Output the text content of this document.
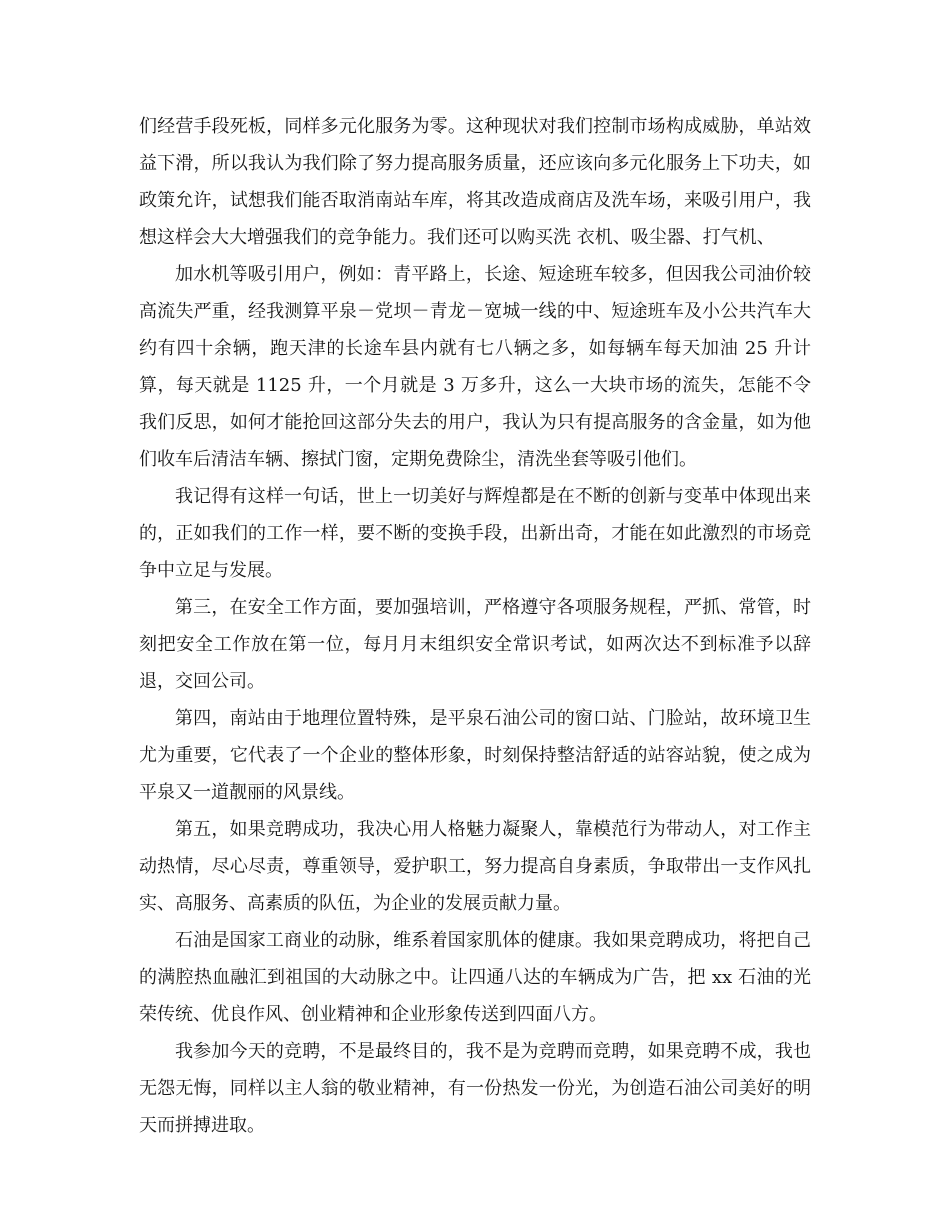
们经营手段死板，同样多元化服务为零。这种现状对我们控制市场构成威胁，单站效益下滑，所以我认为我们除了努力提高服务质量，还应该向多元化服务上下功夫，如政策允许，试想我们能否取消南站车库，将其改造成商店及洗车场，来吸引用户，我想这样会大大增强我们的竞争能力。我们还可以购买洗 衣机、吸尘器、打气机、

加水机等吸引用户，例如：青平路上，长途、短途班车较多，但因我公司油价较高流失严重，经我测算平泉－党坝－青龙－宽城一线的中、短途班车及小公共汽车大约有四十余辆，跑天津的长途车县内就有七八辆之多，如每辆车每天加油 25 升计算，每天就是 1125 升，一个月就是 3 万多升，这么一大块市场的流失，怎能不令我们反思，如何才能抢回这部分失去的用户，我认为只有提高服务的含金量，如为他们收车后清洁车辆、擦拭门窗，定期免费除尘，清洗坐套等吸引他们。

我记得有这样一句话，世上一切美好与辉煌都是在不断的创新与变革中体现出来的，正如我们的工作一样，要不断的变换手段，出新出奇，才能在如此激烈的市场竞争中立足与发展。

第三，在安全工作方面，要加强培训，严格遵守各项服务规程，严抓、常管，时刻把安全工作放在第一位，每月月末组织安全常识考试，如两次达不到标准予以辞退，交回公司。

第四，南站由于地理位置特殊，是平泉石油公司的窗口站、门脸站，故环境卫生尤为重要，它代表了一个企业的整体形象，时刻保持整洁舒适的站容站貌，使之成为平泉又一道靓丽的风景线。

第五，如果竞聘成功，我决心用人格魅力凝聚人，靠模范行为带动人，对工作主动热情，尽心尽责，尊重领导，爱护职工，努力提高自身素质，争取带出一支作风扎实、高服务、高素质的队伍，为企业的发展贡献力量。

石油是国家工商业的动脉，维系着国家肌体的健康。我如果竞聘成功，将把自己的满腔热血融汇到祖国的大动脉之中。让四通八达的车辆成为广告，把 xx 石油的光荣传统、优良作风、创业精神和企业形象传送到四面八方。

我参加今天的竞聘，不是最终目的，我不是为竞聘而竞聘，如果竞聘不成，我也无怨无悔，同样以主人翁的敬业精神，有一份热发一份光，为创造石油公司美好的明天而拼搏进取。
